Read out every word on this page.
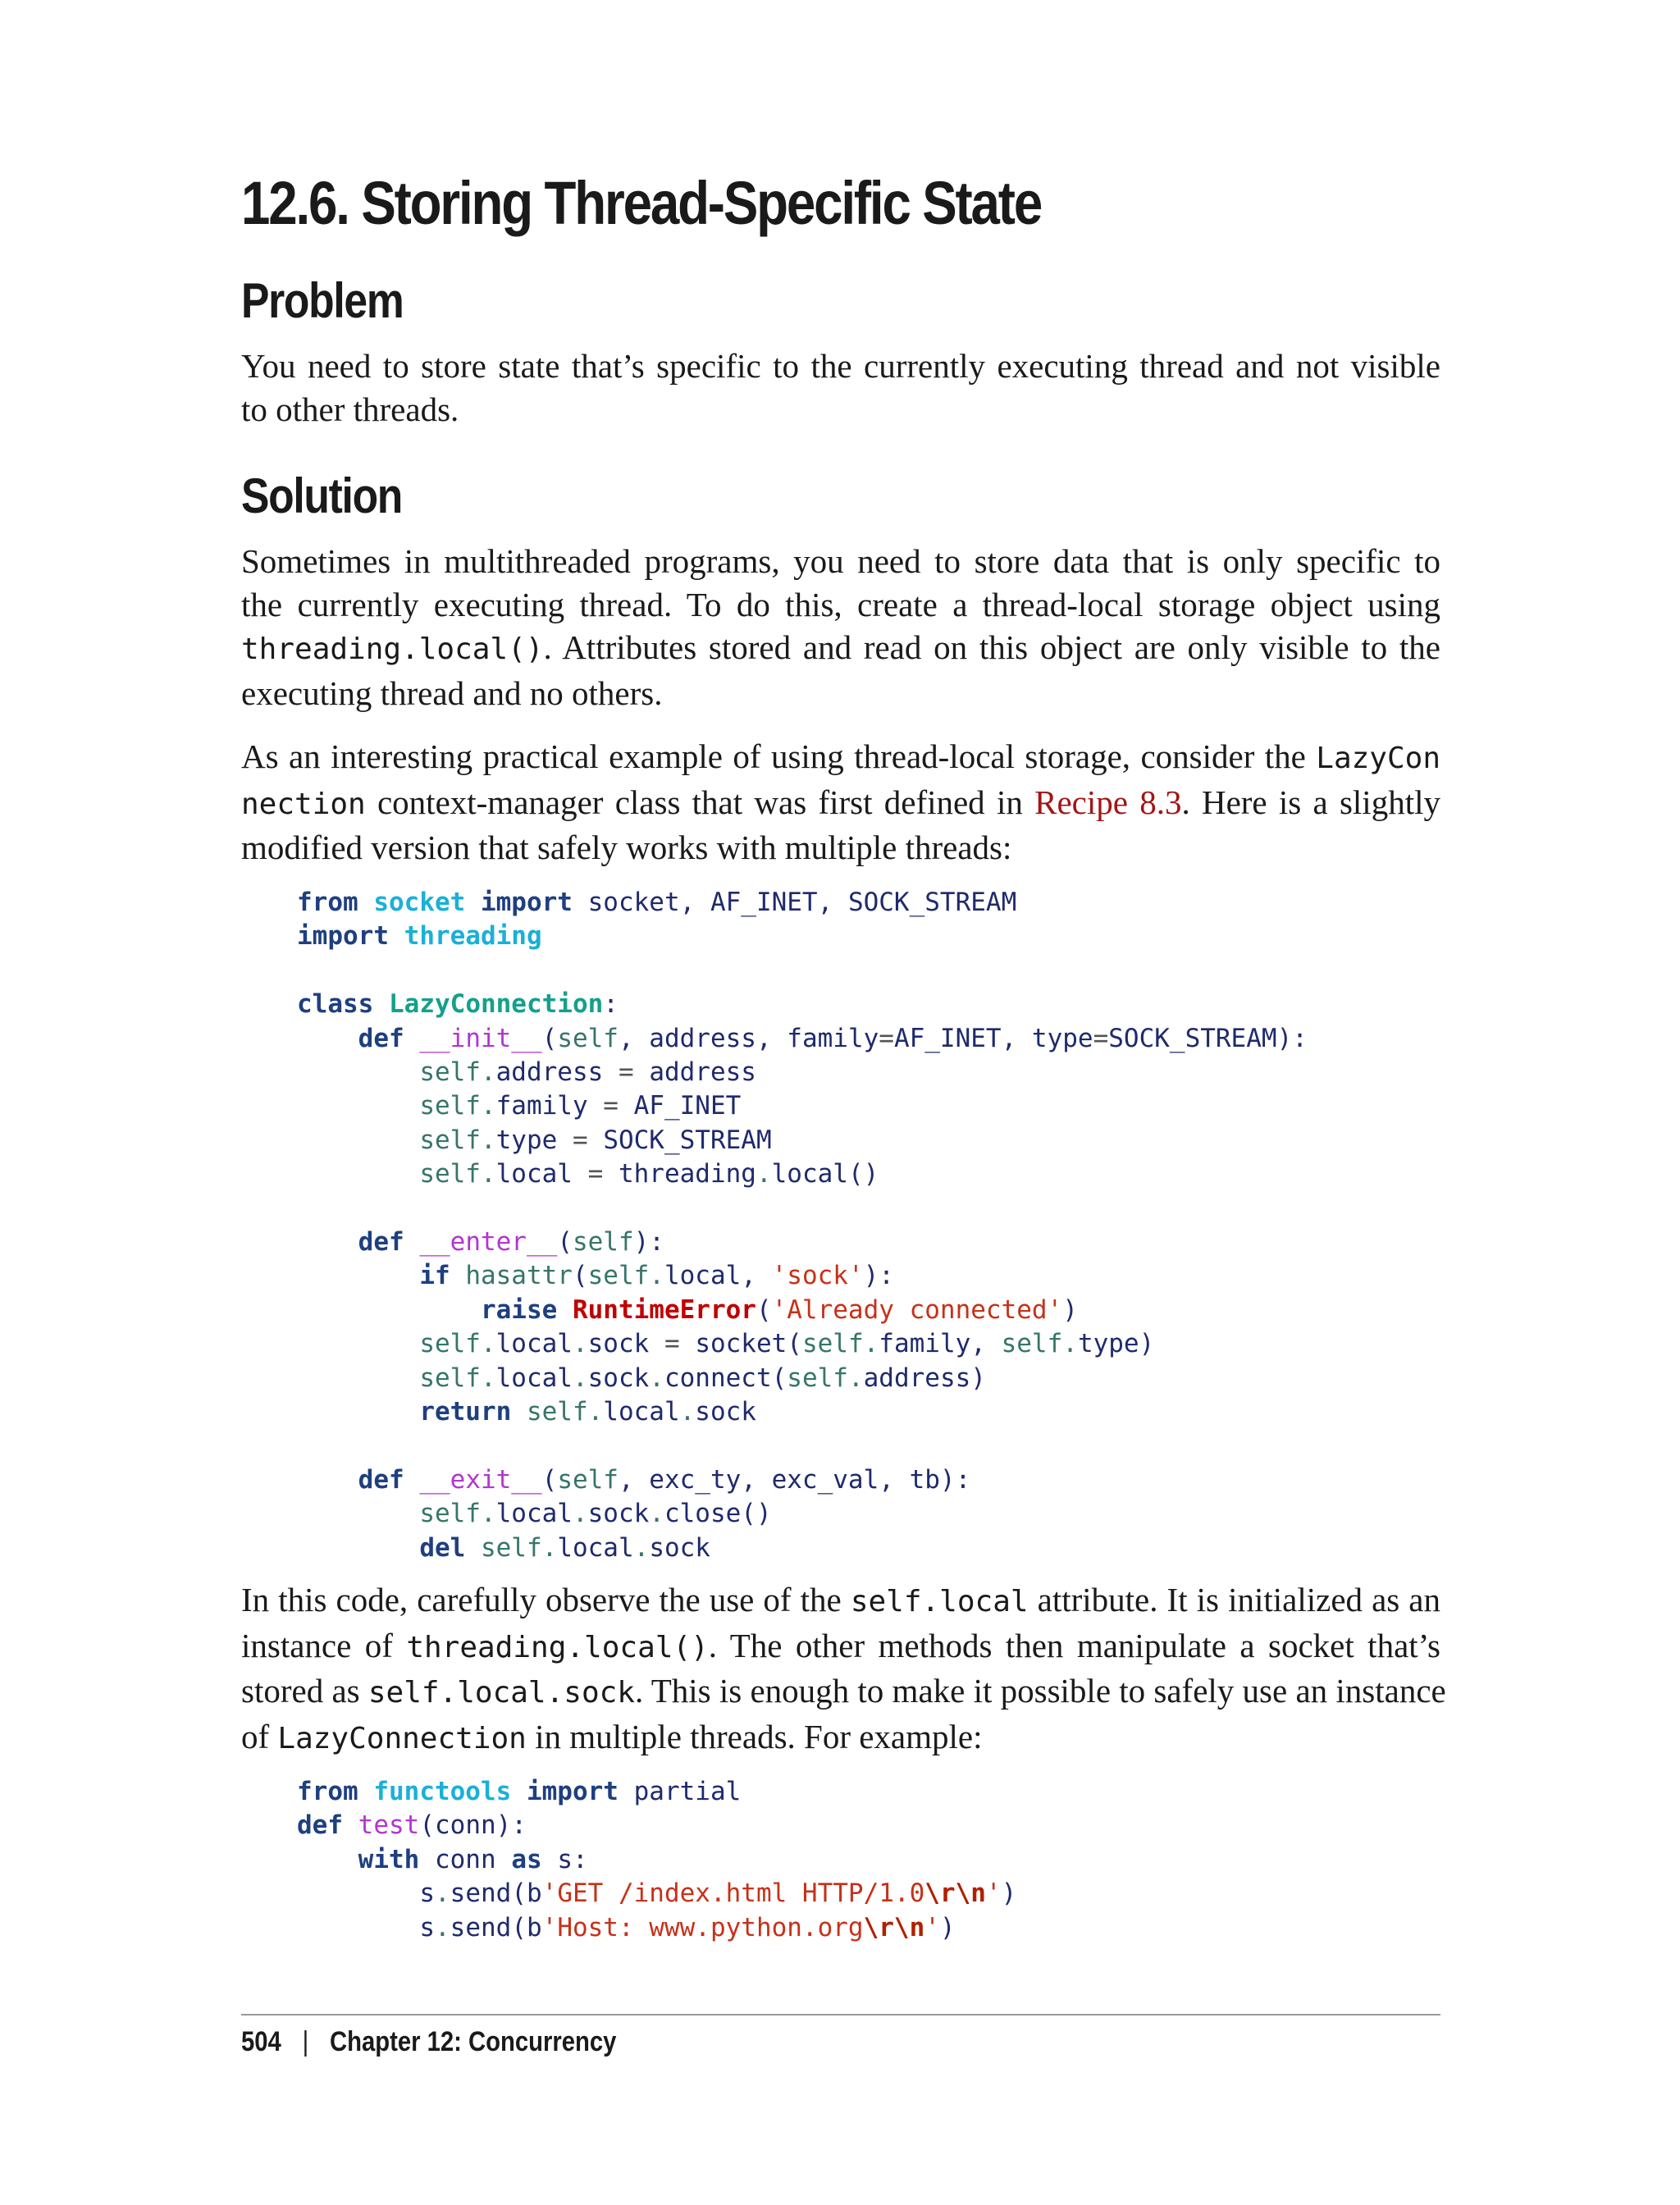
12.6. Storing Thread-Specific State
Problem

You need to store state that’s specific to the currently executing thread and not visible
to other threads.

Solution

Sometimes in multithreaded programs, you need to store data that is only specific to
the currently executing thread. To do this, create a thread-local storage object using
threading.local(). Attributes stored and read on this object are only visible to the
executing thread and no others.

As an interesting practical example of using thread-local storage, consider the LazyCon
nection context-manager class that was first defined in Recipe 8.3. Here is a slightly
modified version that safely works with multiple threads:

from socket import socket, AF_INET, SOCK_STREAM
import threading

class LazyConnection:
def __init__(self, address, family=AF_INET, type=SOCK_STREAM):
self.address = address
self.family = AF_INET
self.type = SOCK_STREAM
self.local = threading.local()

def __enter__(self):
if hasattr(self.local, 'sock'):
raise RuntimeError('Already connected')
self.local.sock = socket(self.family, self.type)
self.local.sock.connect(self.address)
return self.local.sock

def __exit__(self, exc_ty, exc_val, tb):
self.local.sock.close()
del self.local.sock

In this code, carefully observe the use of the self.local attribute. It is initialized as an
instance of threading.local(). The other methods then manipulate a socket that’s
stored as self.local.sock. This is enough to make it possible to safely use an instance
of LazyConnection in multiple threads. For example:

from functools import partial
def test(conn):
with conn as s:
s.send(b'GET /index.html HTTP/1.0\r\n')
s.send(b'Host: www.python.org\r\n')
504 | Chapter 12: Concurrency
